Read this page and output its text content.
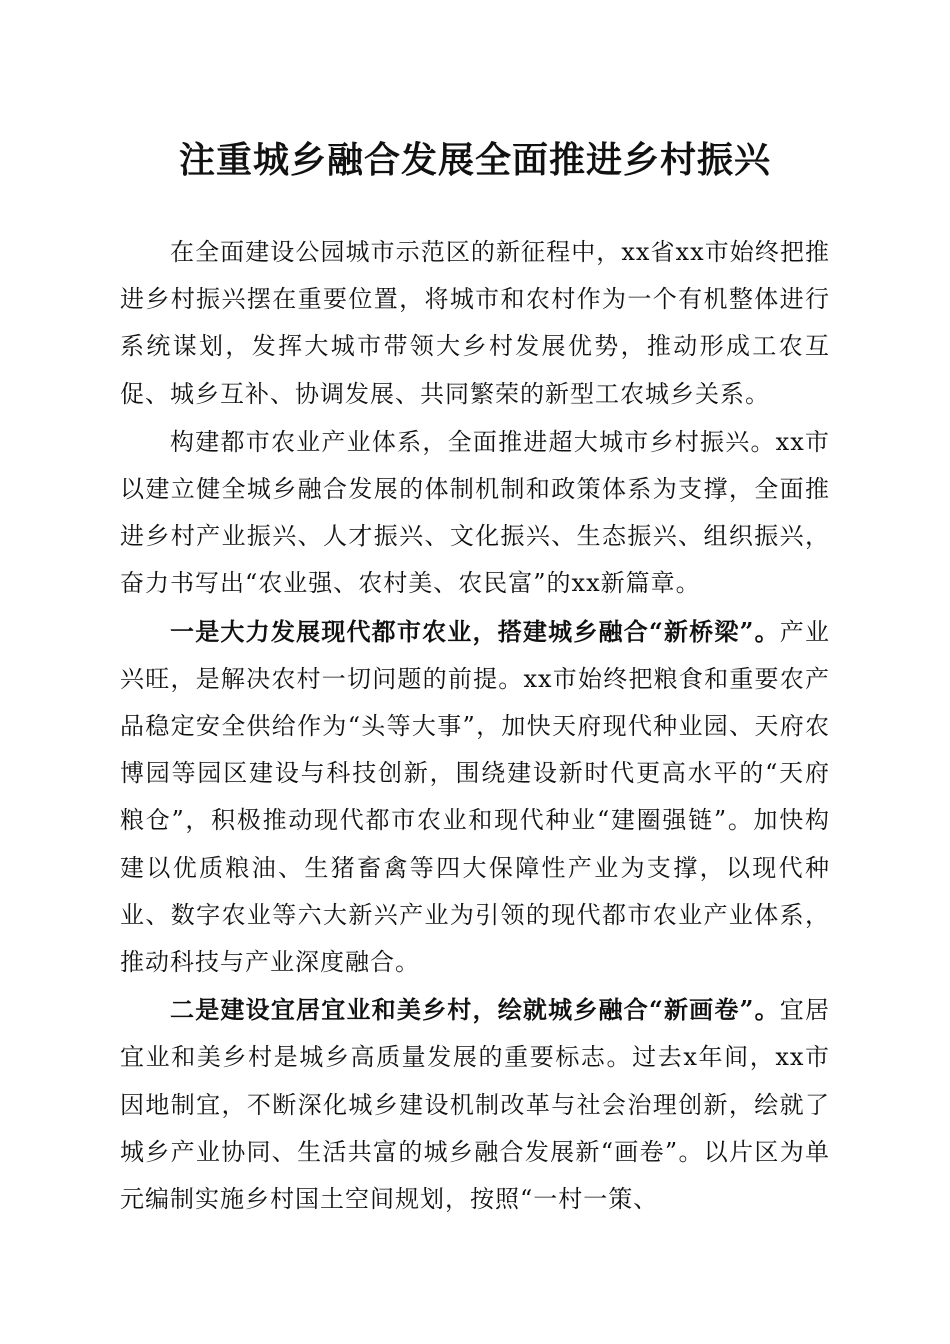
注重城乡融合发展全面推进乡村振兴

在全面建设公园城市示范区的新征程中，xx省xx市始终把推进乡村振兴摆在重要位置，将城市和农村作为一个有机整体进行系统谋划，发挥大城市带领大乡村发展优势，推动形成工农互促、城乡互补、协调发展、共同繁荣的新型工农城乡关系。

构建都市农业产业体系，全面推进超大城市乡村振兴。xx市以建立健全城乡融合发展的体制机制和政策体系为支撑，全面推进乡村产业振兴、人才振兴、文化振兴、生态振兴、组织振兴，奋力书写出“农业强、农村美、农民富”的xx新篇章。

一是大力发展现代都市农业，搭建城乡融合“新桥梁”。产业兴旺，是解决农村一切问题的前提。xx市始终把粮食和重要农产品稳定安全供给作为“头等大事”，加快天府现代种业园、天府农博园等园区建设与科技创新，围绕建设新时代更高水平的“天府粮仓”，积极推动现代都市农业和现代种业“建圈强链”。加快构建以优质粮油、生猪畜禽等四大保障性产业为支撑，以现代种业、数字农业等六大新兴产业为引领的现代都市农业产业体系，推动科技与产业深度融合。

二是建设宜居宜业和美乡村，绘就城乡融合“新画卷”。宜居宜业和美乡村是城乡高质量发展的重要标志。过去x年间，xx市因地制宜，不断深化城乡建设机制改革与社会治理创新，绘就了城乡产业协同、生活共富的城乡融合发展新“画卷”。以片区为单元编制实施乡村国土空间规划，按照“一村一策、
